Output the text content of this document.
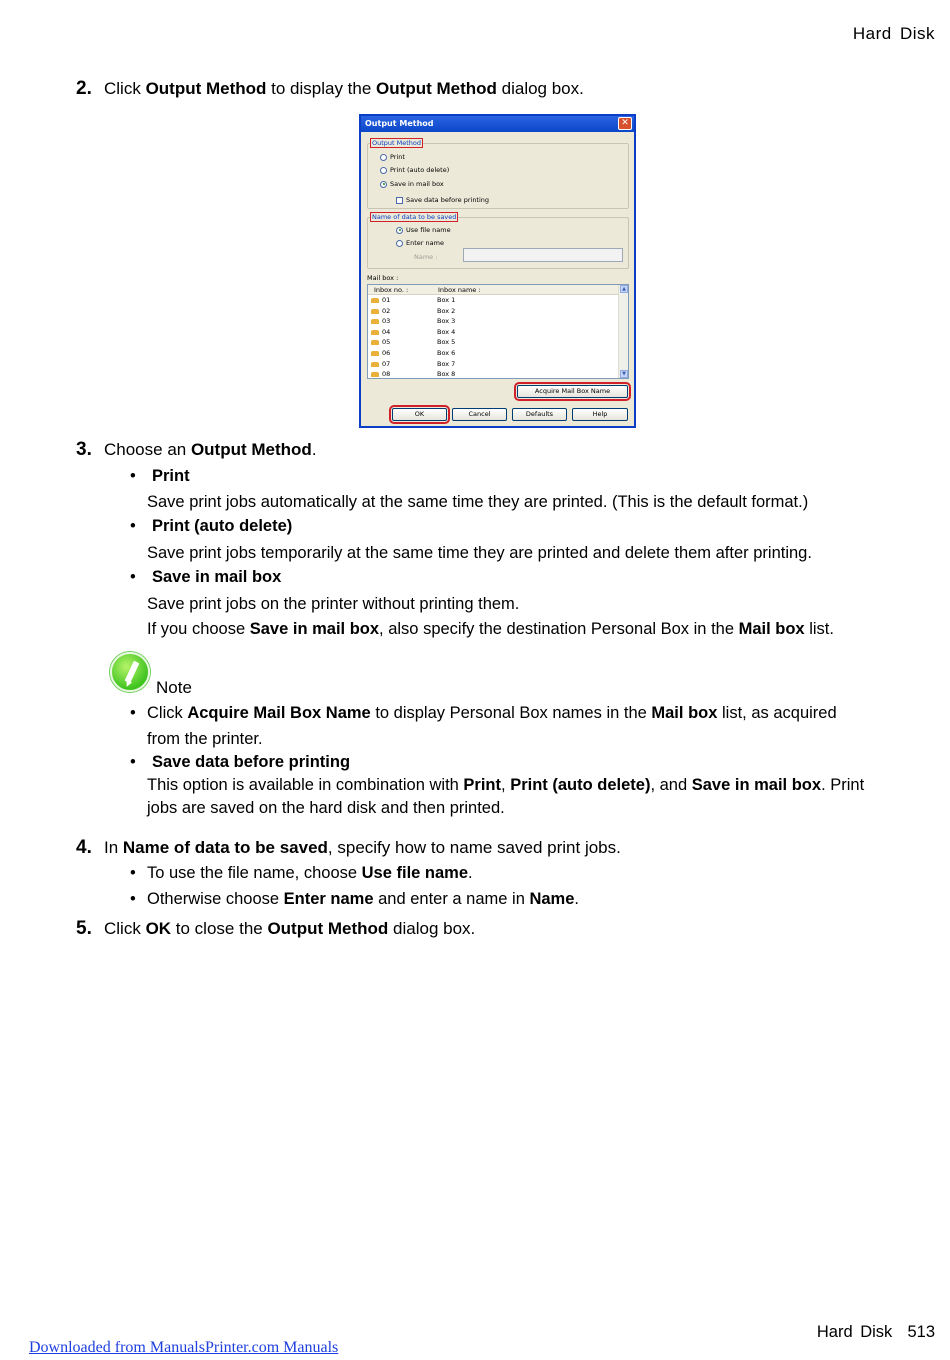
Hard Disk
2. Click Output Method to display the Output Method dialog box.
Output Method	✕
Output Method
Print
Print (auto delete)
Save in mail box
Save data before printing
Name of data to be saved
Use file name
Enter name
Name :
Mail box :
Inbox no. :	Inbox name :
01	Box 1
02	Box 2
03	Box 3
04	Box 4
05	Box 5
06	Box 6
07	Box 7
08	Box 8
▲
▼
Acquire Mail Box Name
OK	Cancel	Defaults	Help
3. Choose an Output Method.
• Print
Save print jobs automatically at the same time they are printed. (This is the default format.)
• Print (auto delete)
Save print jobs temporarily at the same time they are printed and delete them after printing.
• Save in mail box
Save print jobs on the printer without printing them.
If you choose Save in mail box, also specify the destination Personal Box in the Mail box list.
Note
• Click Acquire Mail Box Name to display Personal Box names in the Mail box list, as acquired
from the printer.
• Save data before printing
This option is available in combination with Print, Print (auto delete), and Save in mail box. Print
jobs are saved on the hard disk and then printed.
4. In Name of data to be saved, specify how to name saved print jobs.
• To use the file name, choose Use file name.
• Otherwise choose Enter name and enter a name in Name.
5. Click OK to close the Output Method dialog box.
Hard Disk 513
Downloaded from ManualsPrinter.com Manuals
